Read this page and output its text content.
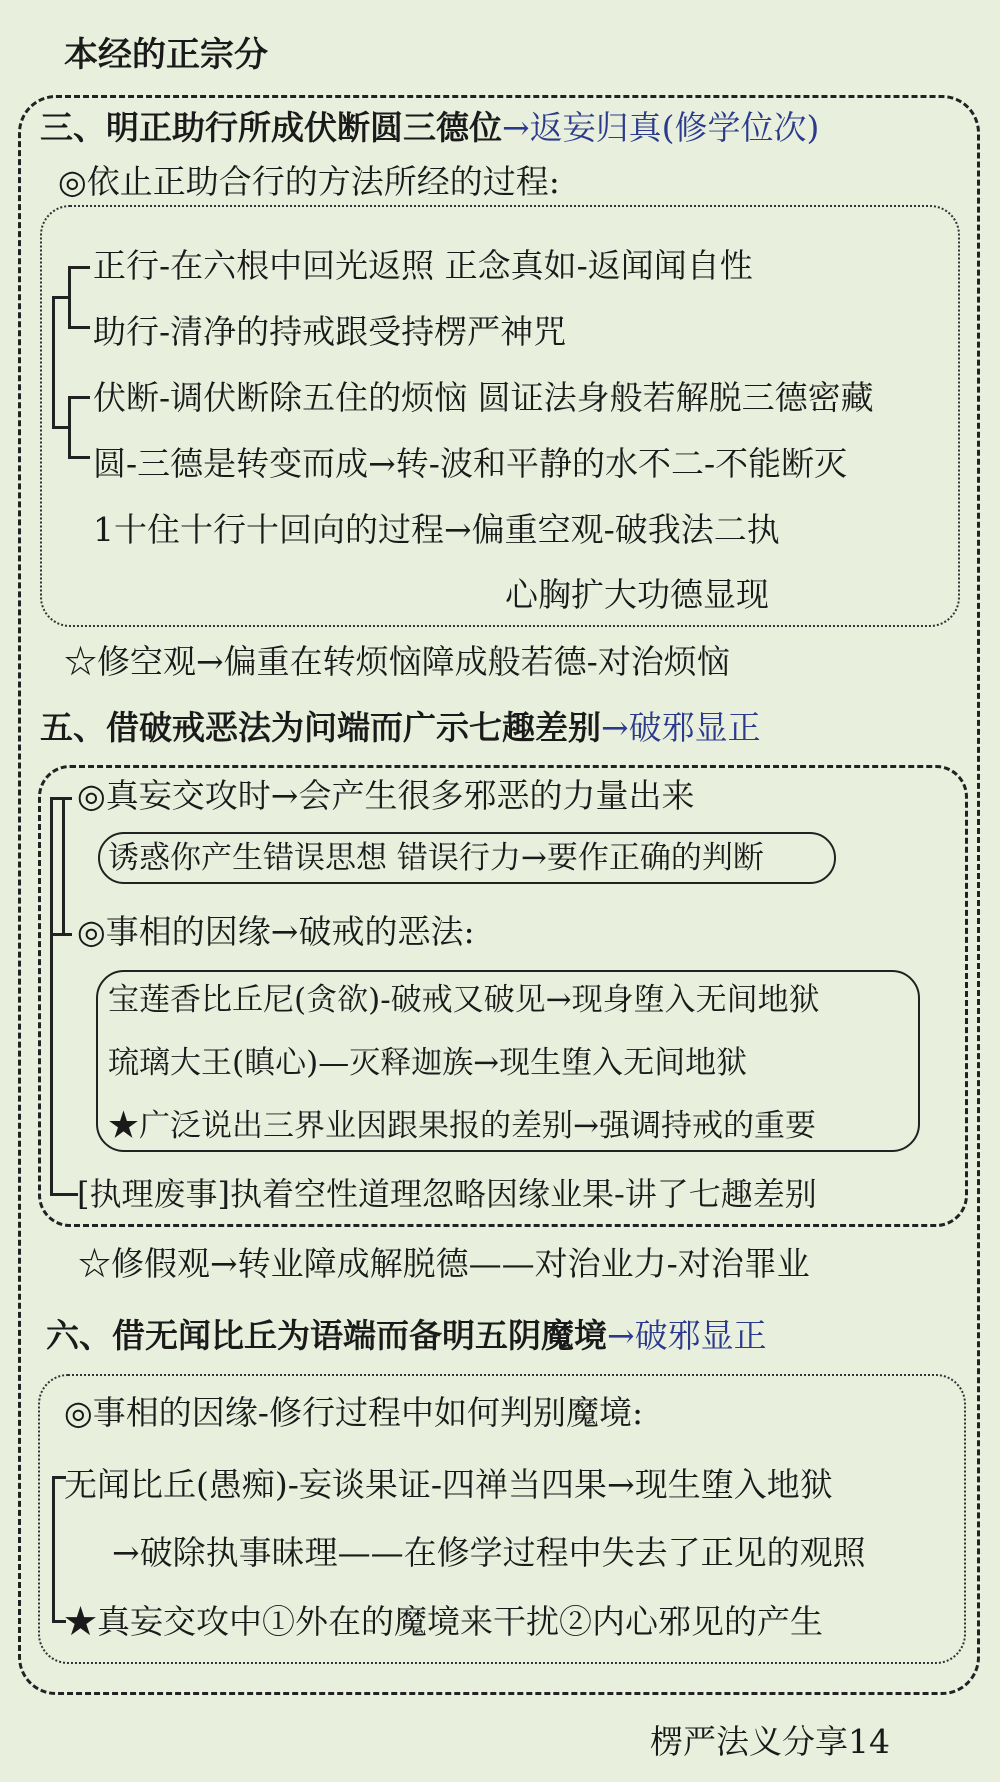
本经的正宗分
三、明正助行所成伏断圆三德位→返妄归真(修学位次)
◎依止正助合行的方法所经的过程:
正行-在六根中回光返照 正念真如-返闻闻自性
助行-清净的持戒跟受持楞严神咒
伏断-调伏断除五住的烦恼 圆证法身般若解脱三德密藏
圆-三德是转变而成→转-波和平静的水不二-不能断灭
1十住十行十回向的过程→偏重空观-破我法二执
心胸扩大功德显现
☆修空观→偏重在转烦恼障成般若德-对治烦恼
五、借破戒恶法为问端而广示七趣差别→破邪显正
◎真妄交攻时→会产生很多邪恶的力量出来
诱惑你产生错误思想 错误行力→要作正确的判断
◎事相的因缘→破戒的恶法:
宝莲香比丘尼(贪欲)-破戒又破见→现身堕入无间地狱
琉璃大王(瞋心)—灭释迦族→现生堕入无间地狱
★广泛说出三界业因跟果报的差别→强调持戒的重要
[执理废事]执着空性道理忽略因缘业果-讲了七趣差别
☆修假观→转业障成解脱德——对治业力-对治罪业
六、借无闻比丘为语端而备明五阴魔境→破邪显正
◎事相的因缘-修行过程中如何判别魔境:
无闻比丘(愚痴)-妄谈果证-四禅当四果→现生堕入地狱
→破除执事昧理——在修学过程中失去了正见的观照
★真妄交攻中①外在的魔境来干扰②内心邪见的产生
楞严法义分享14
